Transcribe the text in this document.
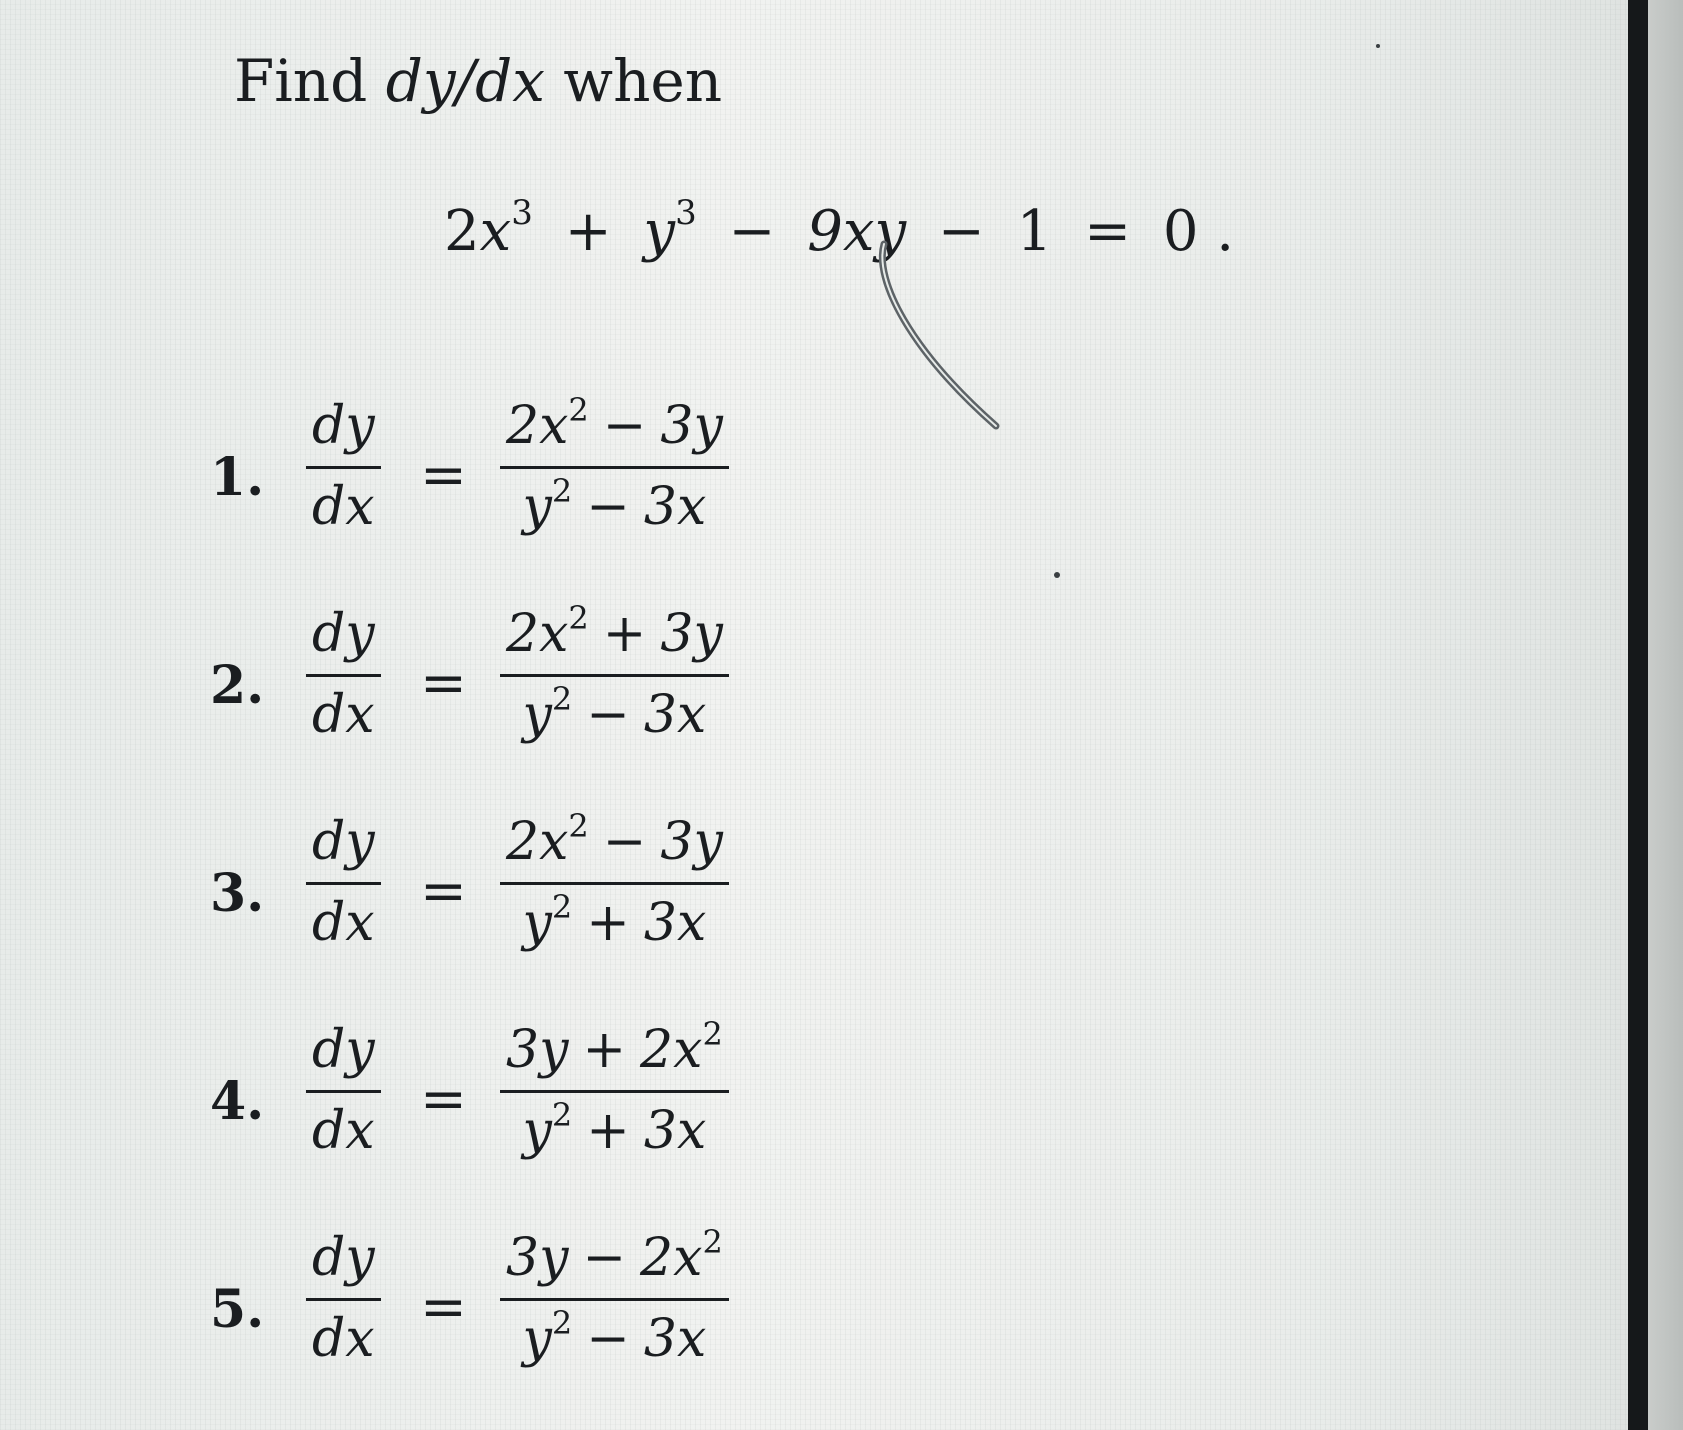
Find dy/dx when
$2x^3 + y^3 - 9xy - 1 = 0$ .
1.
dy
dx =
$2x^2 - 3y$
$y^2 - 3x$
2.
dy
dx =
$2x^2 + 3y$
$y^2 - 3x$
3.
dy
dx =
$2x^2 - 3y$
$y^2 + 3x$
4.
dy
dx =
$3y + 2x^2$
$y^2 + 3x$
5.
dy
dx =
$3y - 2x^2$
$y^2 - 3x$
